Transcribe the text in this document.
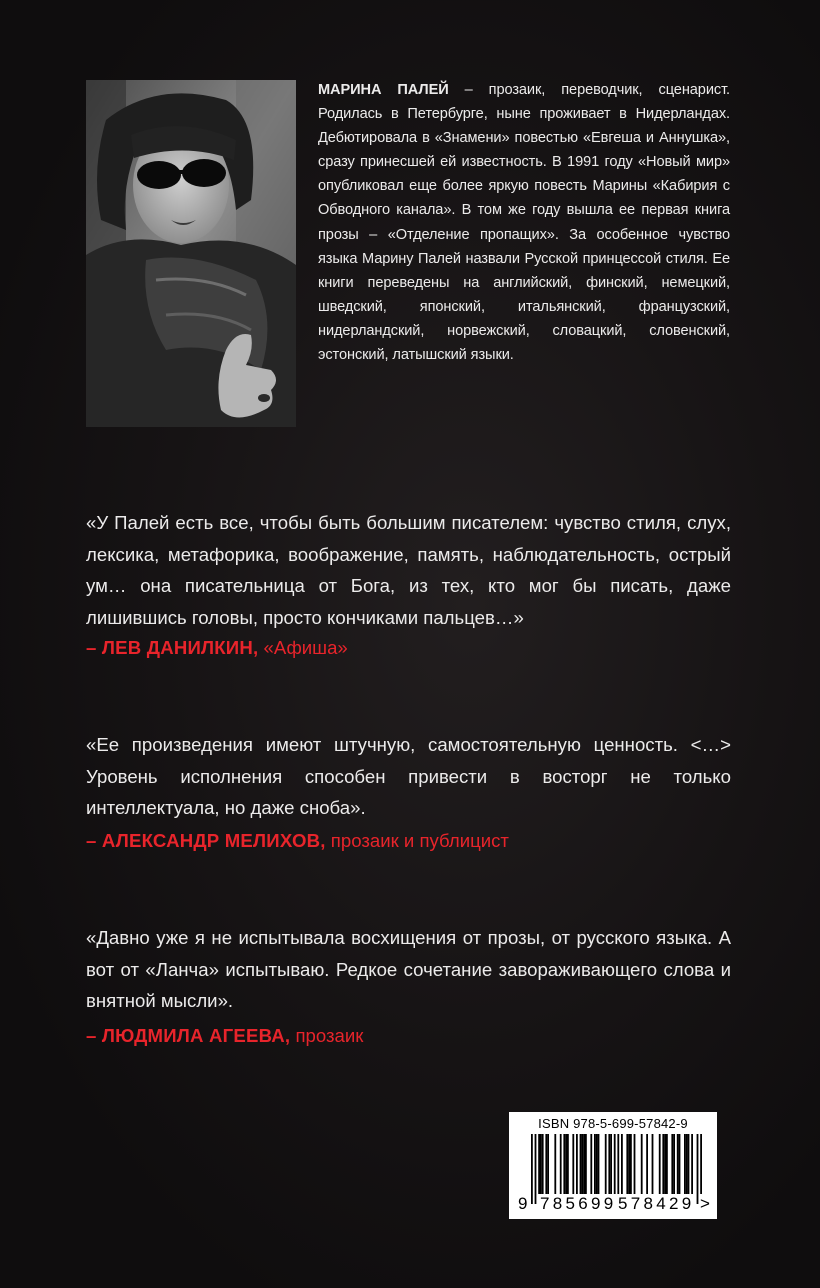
МАРИНА ПАЛЕЙ – прозаик, переводчик, сценарист. Родилась в Петербурге, ныне проживает в Нидерландах. Дебютировала в «Знамени» повестью «Евгеша и Аннушка», сразу принесшей ей известность. В 1991 году «Новый мир» опубликовал еще более яркую повесть Марины «Кабирия с Обводного канала». В том же году вышла ее первая книга прозы – «Отделение пропащих». За особенное чувство языка Марину Палей назвали Русской принцессой стиля. Ее книги переведены на английский, финский, немецкий, шведский, японский, итальянский, французский, нидерландский, норвежский, словацкий, словенский, эстонский, латышский языки.
«У Палей есть все, чтобы быть большим писателем: чувство стиля, слух, лексика, метафорика, воображение, память, наблюдательность, острый ум… она писательница от Бога, из тех, кто мог бы писать, даже лишившись головы, просто кончиками пальцев…»
– ЛЕВ ДАНИЛКИН, «Афиша»
«Ее произведения имеют штучную, самостоятельную ценность. <…> Уровень исполнения способен привести в восторг не только интеллектуала, но даже сноба».
– АЛЕКСАНДР МЕЛИХОВ, прозаик и публицист
«Давно уже я не испытывала восхищения от прозы, от русского языка. А вот от «Ланча» испытываю. Редкое сочетание завораживающего слова и внятной мысли».
– ЛЮДМИЛА АГЕЕВА, прозаик
ISBN 978-5-699-57842-9
9 785699 578429 >
